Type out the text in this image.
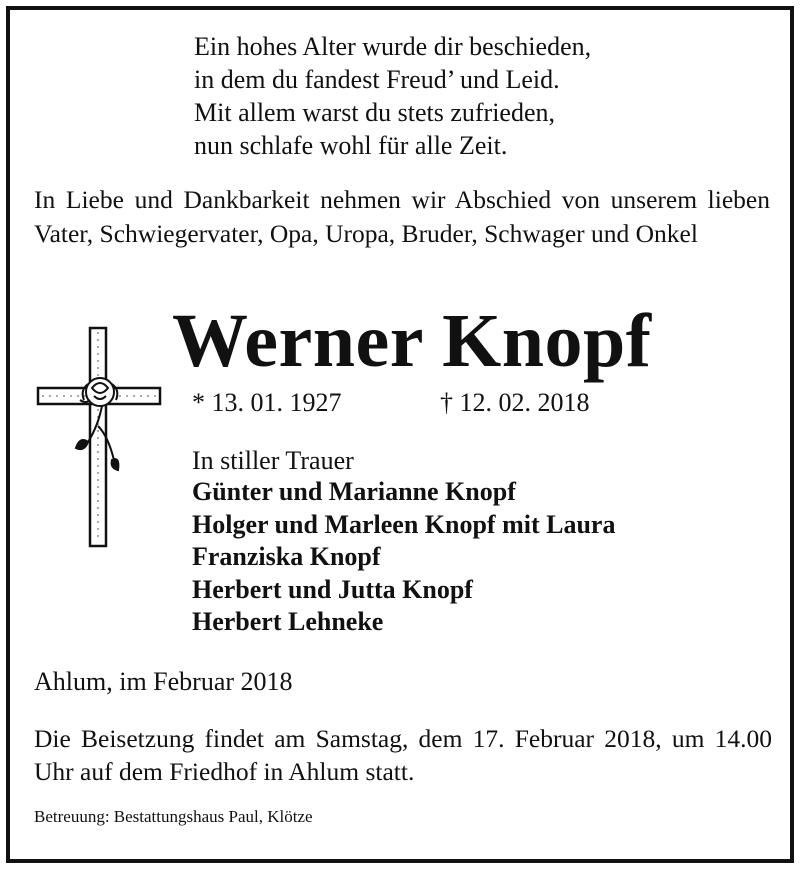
Ein hohes Alter wurde dir beschieden,
in dem du fandest Freud’ und Leid.
Mit allem warst du stets zufrieden,
nun schlafe wohl für alle Zeit.
In Liebe und Dankbarkeit nehmen wir Abschied von unserem lieben Vater, Schwiegervater, Opa, Uropa, Bruder, Schwager und Onkel
Werner Knopf
* 13. 01. 1927	† 12. 02. 2018
In stiller Trauer
Günter und Marianne Knopf
Holger und Marleen Knopf mit Laura
Franziska Knopf
Herbert und Jutta Knopf
Herbert Lehneke
Ahlum, im Februar 2018
Die Beisetzung findet am Samstag, dem 17. Februar 2018, um 14.00 Uhr auf dem Friedhof in Ahlum statt.
Betreuung: Bestattungshaus Paul, Klötze
